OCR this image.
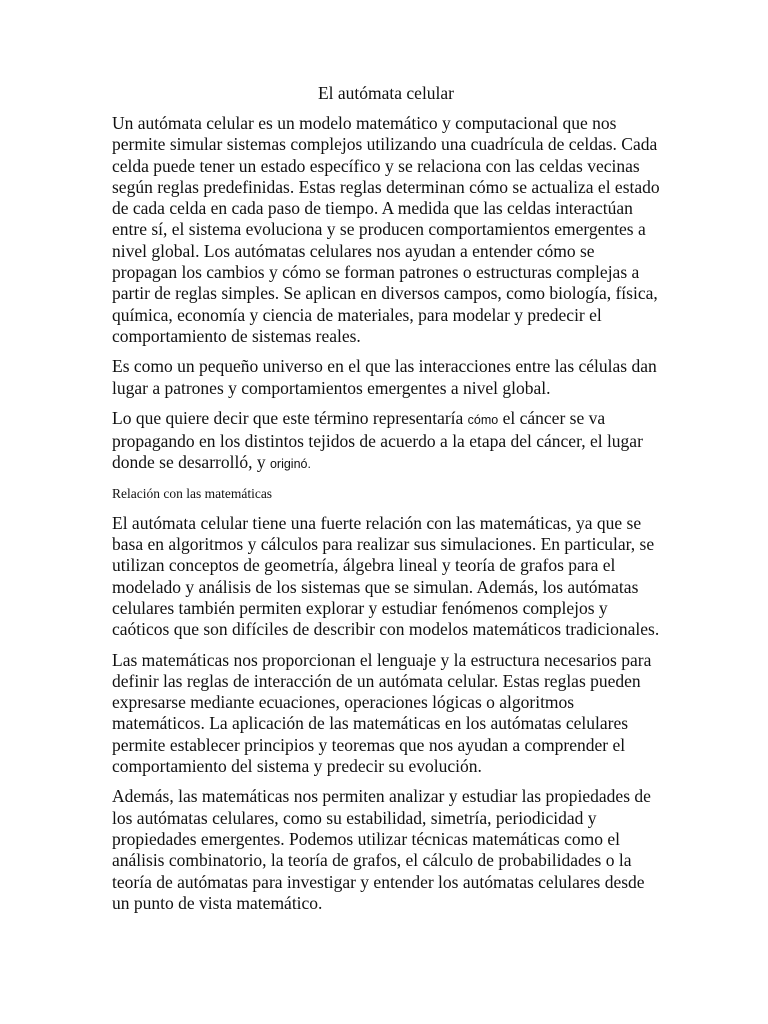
El autómata celular

Un autómata celular es un modelo matemático y computacional que nos permite simular sistemas complejos utilizando una cuadrícula de celdas. Cada celda puede tener un estado específico y se relaciona con las celdas vecinas según reglas predefinidas. Estas reglas determinan cómo se actualiza el estado de cada celda en cada paso de tiempo. A medida que las celdas interactúan entre sí, el sistema evoluciona y se producen comportamientos emergentes a nivel global. Los autómatas celulares nos ayudan a entender cómo se propagan los cambios y cómo se forman patrones o estructuras complejas a partir de reglas simples. Se aplican en diversos campos, como biología, física, química, economía y ciencia de materiales, para modelar y predecir el comportamiento de sistemas reales.

Es como un pequeño universo en el que las interacciones entre las células dan lugar a patrones y comportamientos emergentes a nivel global.

Lo que quiere decir que este término representaría cómo el cáncer se va propagando en los distintos tejidos de acuerdo a la etapa del cáncer, el lugar donde se desarrolló, y originó.

Relación con las matemáticas

El autómata celular tiene una fuerte relación con las matemáticas, ya que se basa en algoritmos y cálculos para realizar sus simulaciones. En particular, se utilizan conceptos de geometría, álgebra lineal y teoría de grafos para el modelado y análisis de los sistemas que se simulan. Además, los autómatas celulares también permiten explorar y estudiar fenómenos complejos y caóticos que son difíciles de describir con modelos matemáticos tradicionales.

Las matemáticas nos proporcionan el lenguaje y la estructura necesarios para definir las reglas de interacción de un autómata celular. Estas reglas pueden expresarse mediante ecuaciones, operaciones lógicas o algoritmos matemáticos. La aplicación de las matemáticas en los autómatas celulares permite establecer principios y teoremas que nos ayudan a comprender el comportamiento del sistema y predecir su evolución.

Además, las matemáticas nos permiten analizar y estudiar las propiedades de los autómatas celulares, como su estabilidad, simetría, periodicidad y propiedades emergentes. Podemos utilizar técnicas matemáticas como el análisis combinatorio, la teoría de grafos, el cálculo de probabilidades o la teoría de autómatas para investigar y entender los autómatas celulares desde un punto de vista matemático.
